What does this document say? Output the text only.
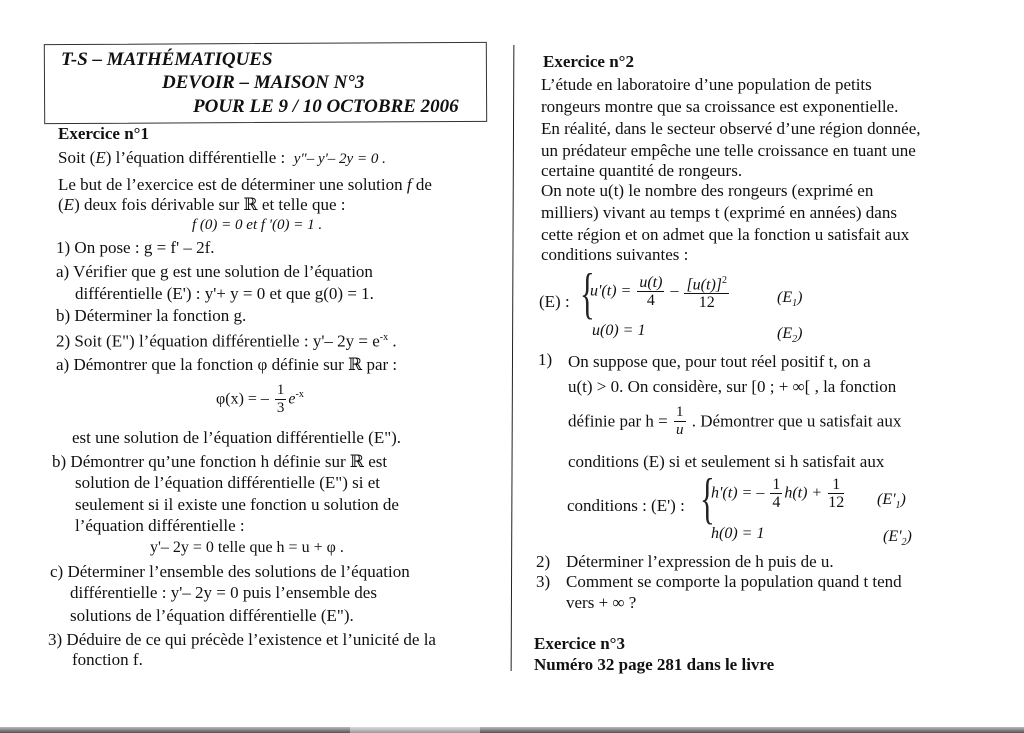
T-S – MATHÉMATIQUES
DEVOIR – MAISON N°3
POUR LE 9 / 10 OCTOBRE 2006
Exercice n°1
Soit (E) l’équation différentielle : y"– y'– 2y = 0 .
Le but de l’exercice est de déterminer une solution f de
(E) deux fois dérivable sur ℝ et telle que :
f (0) = 0 et f '(0) = 1 .
1) On pose : g = f' – 2f.
a) Vérifier que g est une solution de l’équation
différentielle (E') : y'+ y = 0 et que g(0) = 1.
b) Déterminer la fonction g.
2) Soit (E") l’équation différentielle : y'– $2y = e^{-x}$ .
a) Démontrer que la fonction φ définie sur ℝ par :
φ(x) = – $\frac{1}{3} e^{-x}$
est une solution de l’équation différentielle (E").
b) Démontrer qu’une fonction h définie sur ℝ est
solution de l’équation différentielle (E") si et
seulement si il existe une fonction u solution de
l’équation différentielle :
y'– 2y = 0 telle que h = u + φ .
c) Déterminer l’ensemble des solutions de l’équation
différentielle : y'– 2y = 0 puis l’ensemble des
solutions de l’équation différentielle (E").
3) Déduire de ce qui précède l’existence et l’unicité de la
fonction f.
Exercice n°2
L’étude en laboratoire d’une population de petits
rongeurs montre que sa croissance est exponentielle.
En réalité, dans le secteur observé d’une région donnée,
un prédateur empêche une telle croissance en tuant une
certaine quantité de rongeurs.
On note u(t) le nombre des rongeurs (exprimé en
milliers) vivant au temps t (exprimé en années) dans
cette région et on admet que la fonction u satisfait aux
conditions suivantes :
(E) : {
$u'(t) = \frac{u(t)}{4} - \frac{[u(t)]^2}{12}$	$(E_1)$
u(0) = 1	$(E_2)$
1) On suppose que, pour tout réel positif t, on a
u(t) > 0. On considère, sur [0 ; + ∞[ , la fonction
définie par $h = \frac{1}{u}$ . Démontrer que u satisfait aux
conditions (E) si et seulement si h satisfait aux
conditions : (E') : {
h'(t) = – $\frac{1}{4} h(t) + \frac{1}{12} (E'_1)$
h(0) = 1	$(E'_2)$
2) Déterminer l’expression de h puis de u.
3) Comment se comporte la population quand t tend
vers + ∞ ?
Exercice n°3
Numéro 32 page 281 dans le livre
